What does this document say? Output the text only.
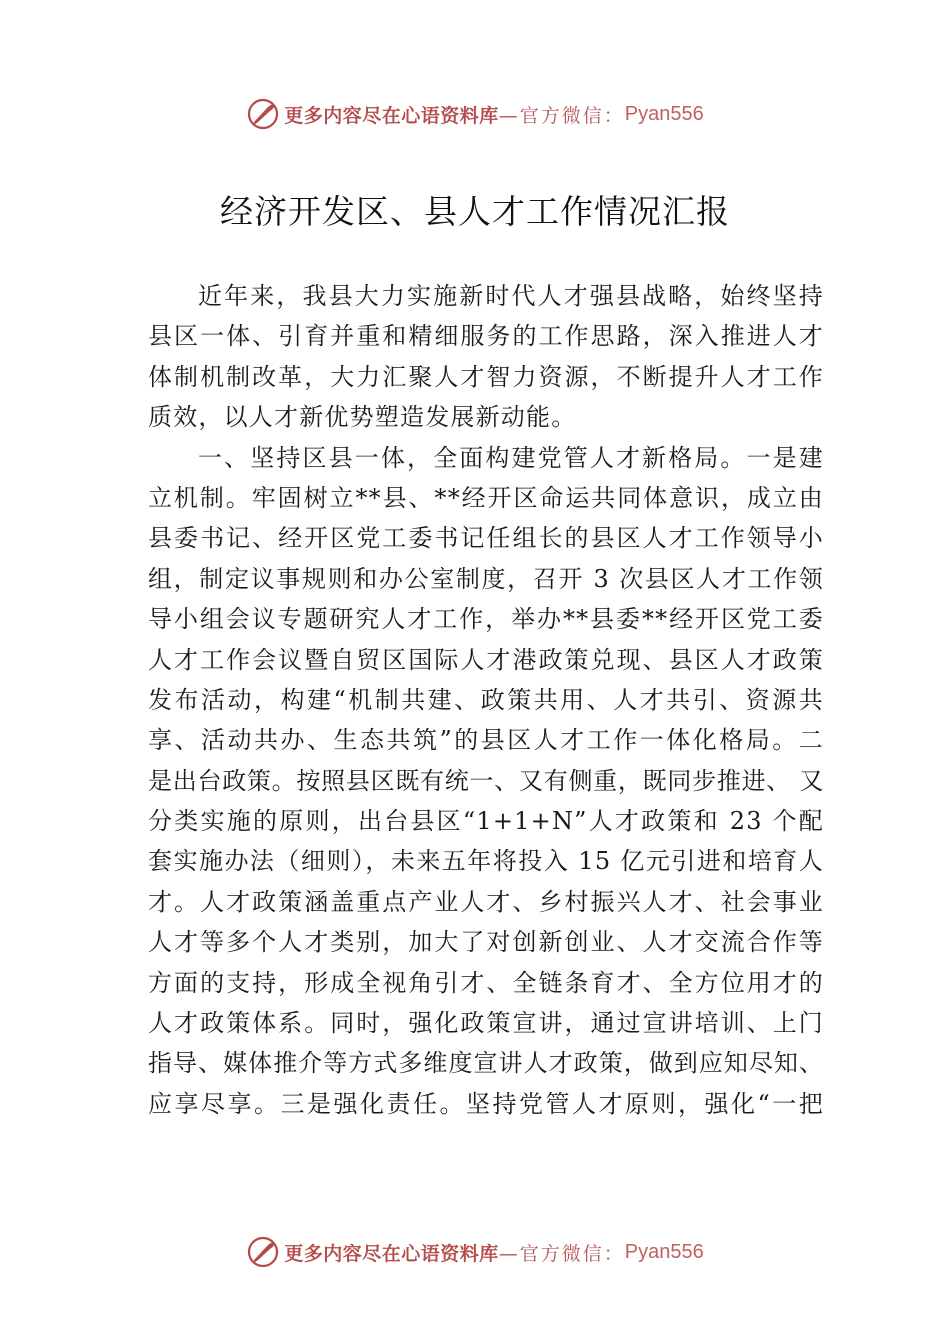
更多内容尽在心语资料库 —官方微信： Pyan556
经济开发区、县人才工作情况汇报
近年来，我县大力实施新时代人才强县战略，始终坚持
县区一体、引育并重和精细服务的工作思路，深入推进人才
体制机制改革，大力汇聚人才智力资源，不断提升人才工作
质效，以人才新优势塑造发展新动能。
一、坚持区县一体，全面构建党管人才新格局。一是建
立机制。牢固树立**县、**经开区命运共同体意识，成立由
县委书记、经开区党工委书记任组长的县区人才工作领导小
组，制定议事规则和办公室制度，召开 3 次县区人才工作领
导小组会议专题研究人才工作，举办**县委**经开区党工委
人才工作会议暨自贸区国际人才港政策兑现、县区人才政策
发布活动，构建“机制共建、政策共用、人才共引、资源共
享、活动共办、生态共筑”的县区人才工作一体化格局。二
是出台政策。按照县区既有统一、又有侧重，既同步推进、 又
分类实施的原则，出台县区“1+1+N”人才政策和 23 个配
套实施办法（细则），未来五年将投入 15 亿元引进和培育人
才。人才政策涵盖重点产业人才、乡村振兴人才、社会事业
人才等多个人才类别，加大了对创新创业、人才交流合作等
方面的支持，形成全视角引才、全链条育才、全方位用才的
人才政策体系。同时，强化政策宣讲，通过宣讲培训、上门
指导、媒体推介等方式多维度宣讲人才政策，做到应知尽知、
应享尽享。三是强化责任。坚持党管人才原则，强化“一把
更多内容尽在心语资料库 —官方微信： Pyan556
